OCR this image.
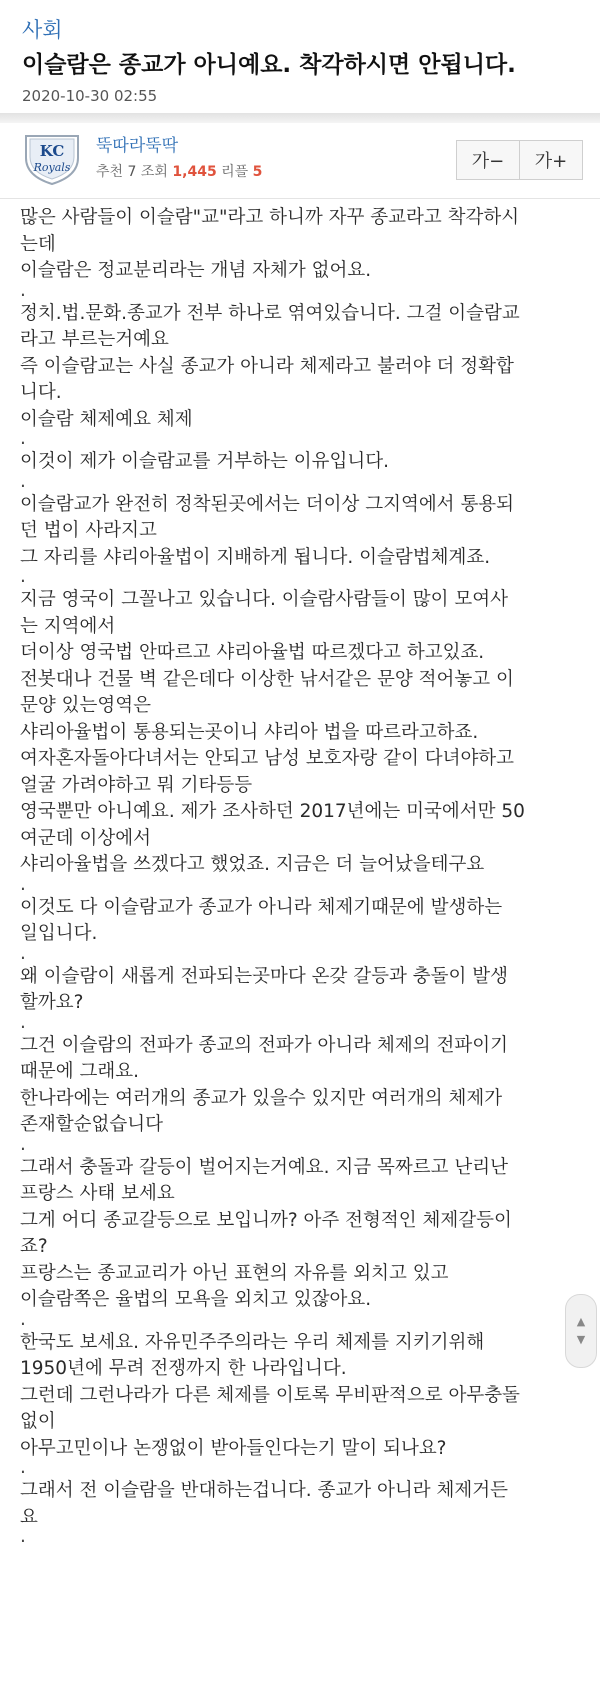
사회
이슬람은 종교가 아니예요. 착각하시면 안됩니다.
2020-10-30 02:55
KC
Royals
뚝따라뚝딱
추천 7 조회 1,445 리플 5	가−	가+
많은 사람들이 이슬람"교"라고 하니까 자꾸 종교라고 착각하시
는데
이슬람은 정교분리라는 개념 자체가 없어요.
.
정치.법.문화.종교가 전부 하나로 엮여있습니다. 그걸 이슬람교
라고 부르는거예요
즉 이슬람교는 사실 종교가 아니라 체제라고 불러야 더 정확합
니다.
이슬람 체제예요 체제
.
이것이 제가 이슬람교를 거부하는 이유입니다.
.
이슬람교가 완전히 정착된곳에서는 더이상 그지역에서 통용되
던 법이 사라지고
그 자리를 샤리아율법이 지배하게 됩니다. 이슬람법체계죠.
.
지금 영국이 그꼴나고 있습니다. 이슬람사람들이 많이 모여사
는 지역에서
더이상 영국법 안따르고 샤리아율법 따르겠다고 하고있죠.
전봇대나 건물 벽 같은데다 이상한 낚서같은 문양 적어놓고 이
문양 있는영역은
샤리아율법이 통용되는곳이니 샤리아 법을 따르라고하죠.
여자혼자돌아다녀서는 안되고 남성 보호자랑 같이 다녀야하고
얼굴 가려야하고 뭐 기타등등
영국뿐만 아니예요. 제가 조사하던 2017년에는 미국에서만 50
여군데 이상에서
샤리아율법을 쓰겠다고 했었죠. 지금은 더 늘어났을테구요
.
이것도 다 이슬람교가 종교가 아니라 체제기때문에 발생하는
일입니다.
.
왜 이슬람이 새롭게 전파되는곳마다 온갖 갈등과 충돌이 발생
할까요?
.
그건 이슬람의 전파가 종교의 전파가 아니라 체제의 전파이기
때문에 그래요.
한나라에는 여러개의 종교가 있을수 있지만 여러개의 체제가
존재할순없습니다
.
그래서 충돌과 갈등이 벌어지는거예요. 지금 목짜르고 난리난
프랑스 사태 보세요
그게 어디 종교갈등으로 보입니까? 아주 전형적인 체제갈등이
죠?
프랑스는 종교교리가 아닌 표현의 자유를 외치고 있고
이슬람쪽은 율법의 모욕을 외치고 있잖아요.
.
한국도 보세요. 자유민주주의라는 우리 체제를 지키기위해
1950년에 무려 전쟁까지 한 나라입니다.
그런데 그런나라가 다른 체제를 이토록 무비판적으로 아무충돌
없이
아무고민이나 논쟁없이 받아들인다는기 말이 되나요?
.
그래서 전 이슬람을 반대하는겁니다. 종교가 아니라 체제거든
요
.
▲
▼
